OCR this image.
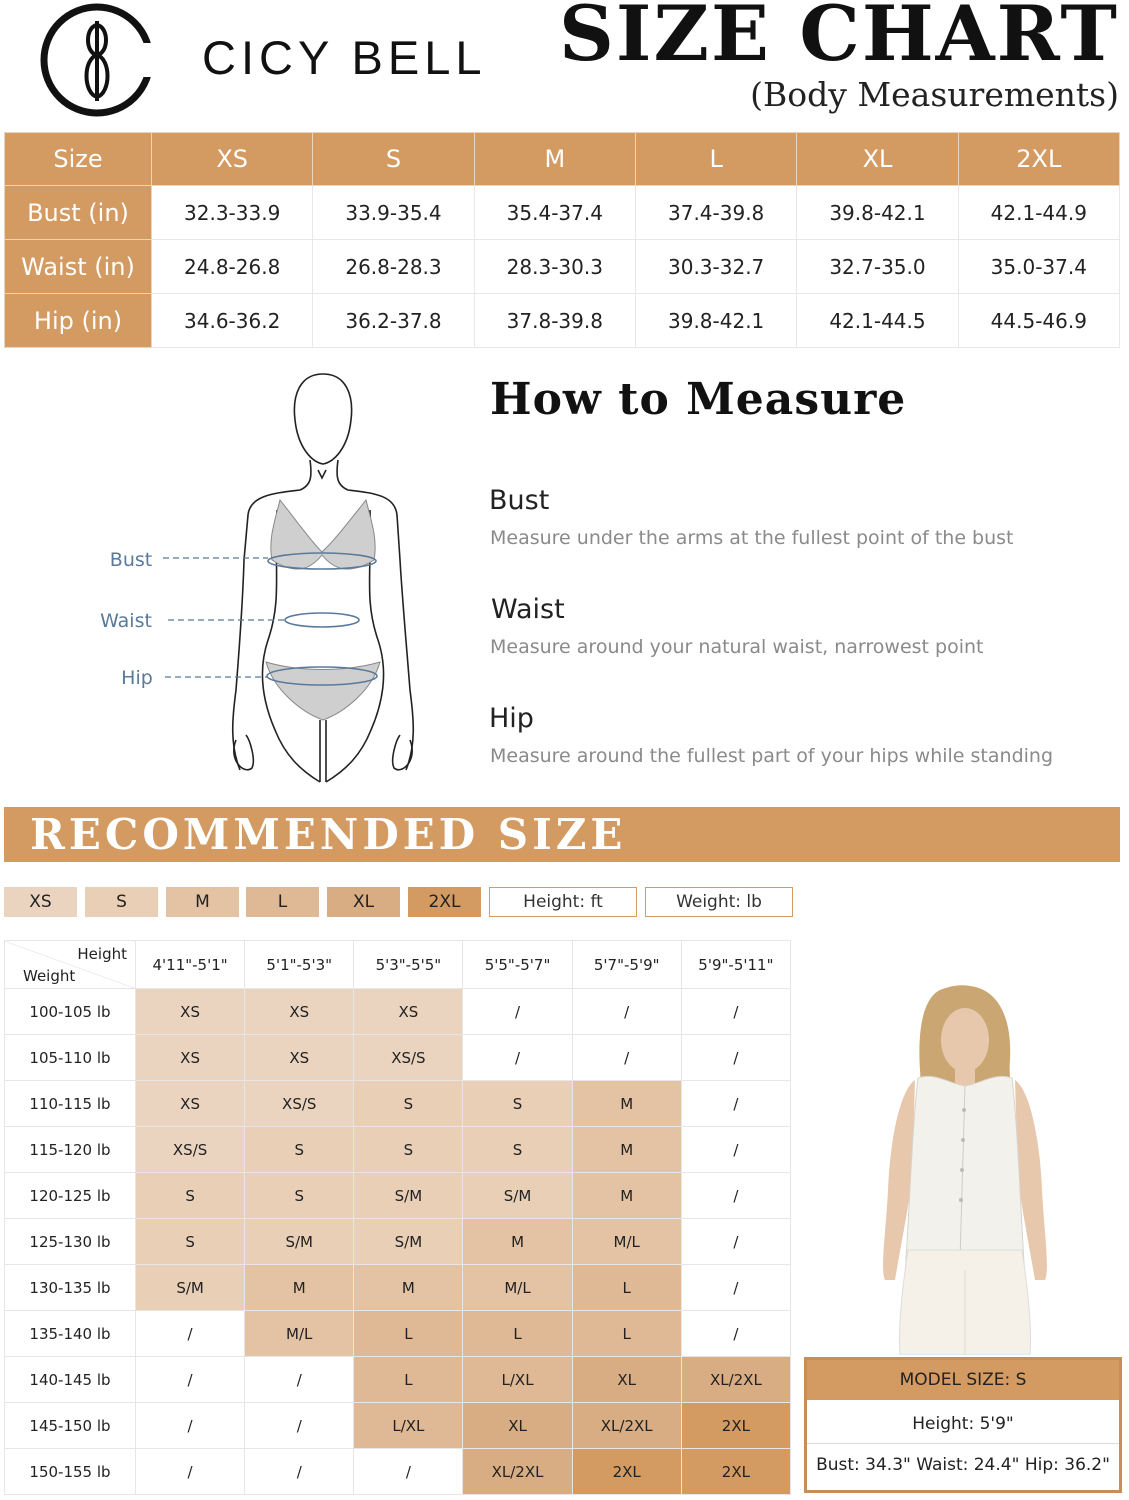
CICY BELL SIZE CHART
(Body Measurements)
Size	XS	S	M	L	XL	2XL
Bust (in)	32.3-33.9	33.9-35.4	35.4-37.4	37.4-39.8	39.8-42.1	42.1-44.9
Waist (in)	24.8-26.8	26.8-28.3	28.3-30.3	30.3-32.7	32.7-35.0	35.0-37.4
Hip (in)	34.6-36.2	36.2-37.8	37.8-39.8	39.8-42.1	42.1-44.5	44.5-46.9
Bust
Waist
Hip
How to Measure
Bust
Measure under the arms at the fullest point of the bust
Waist
Measure around your natural waist, narrowest point
Hip
Measure around the fullest part of your hips while standing
RECOMMENDED SIZE
XS	S	M	L	XL	2XL	Height: ft	Weight: lb
Height
Weight	4'11"-5'1"	5'1"-5'3"	5'3"-5'5"	5'5"-5'7"	5'7"-5'9"	5'9"-5'11"
100-105 lb	XS	XS	XS	/	/	/
105-110 lb	XS	XS	XS/S	/	/	/
110-115 lb	XS	XS/S	S	S	M	/
115-120 lb	XS/S	S	S	S	M	/
120-125 lb	S	S	S/M	S/M	M	/
125-130 lb	S	S/M	S/M	M	M/L	/
130-135 lb	S/M	M	M	M/L	L	/
135-140 lb	/	M/L	L	L	L	/
140-145 lb	/	/	L	L/XL	XL	XL/2XL
145-150 lb	/	/	L/XL	XL	XL/2XL	2XL
150-155 lb	/	/	/	XL/2XL	2XL	2XL
MODEL SIZE: S
Height: 5'9"
Bust: 34.3" Waist: 24.4" Hip: 36.2"
